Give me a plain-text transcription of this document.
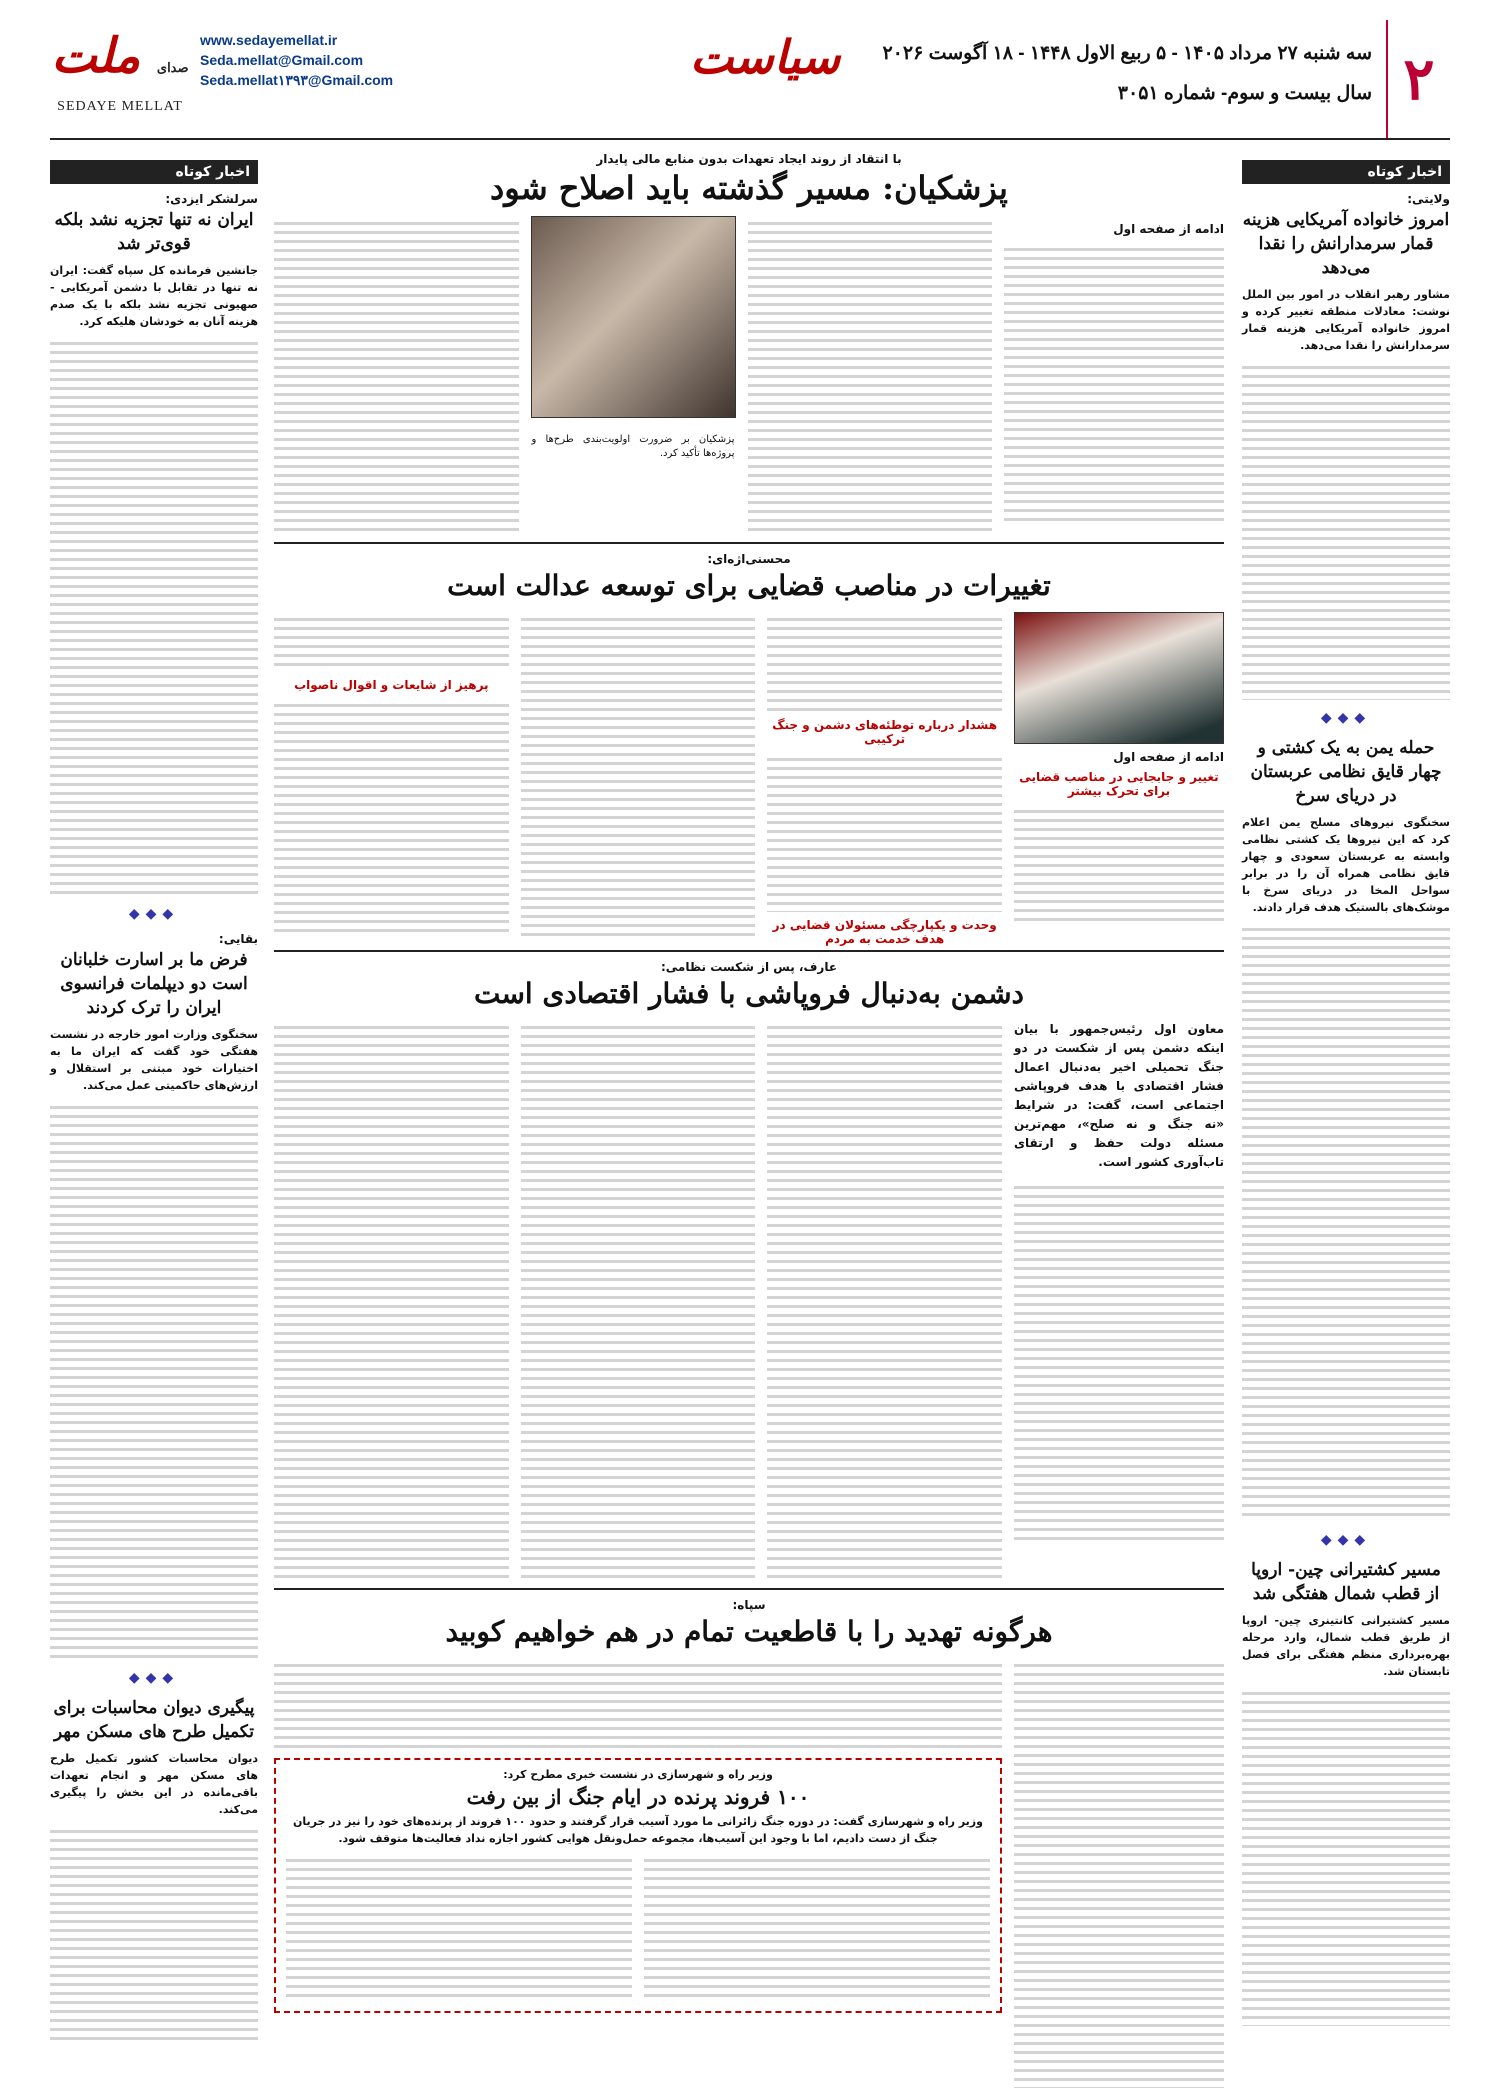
۲
سه شنبه ۲۷ مرداد ۱۴۰۵ - ۵ ربیع الاول ۱۴۴۸ - ۱۸ آگوست ۲۰۲۶
سال بیست و سوم- شماره ۳۰۵۱
سیاست
www.sedayemellat.ir
Seda.mellat@Gmail.com
Seda.mellat۱۳۹۳@Gmail.com
صدای ملت
SEDAYE MELLAT
اخبار کوتاه
ولایتی:
امروز خانواده آمریکایی هزینه قمار سرمدارانش را نقدا می‌دهد
مشاور رهبر انقلاب در امور بین الملل نوشت: معادلات منطقه تغییر کرده و امروز خانواده آمریکایی هزینه قمار سرمدارانش را نقدا می‌دهد.
◆◆◆
حمله یمن به یک کشتی و چهار قایق نظامی عربستان در دریای سرخ
سخنگوی نیروهای مسلح یمن اعلام کرد که این نیروها یک کشتی نظامی وابسته به عربستان سعودی و چهار قایق نظامی همراه آن را در برابر سواحل المخا در دریای سرخ با موشک‌های بالستیک هدف قرار دادند.
◆◆◆
مسیر کشتیرانی چین- اروپا از قطب شمال هفتگی شد
مسیر کشتیرانی کانتینری چین- اروپا از طریق قطب شمال، وارد مرحله بهره‌برداری منظم هفتگی برای فصل تابستان شد.
اخبار کوتاه
سرلشکر ایزدی:
ایران نه تنها تجزیه نشد بلکه قوی‌تر شد
جانشین فرمانده کل سپاه گفت: ایران نه تنها در تقابل با دشمن آمریکایی - صهیونی تجزیه نشد بلکه با یک صدم هزینه آنان به خودشان هلیکه کرد.
◆◆◆
بقایی:
فرض ما بر اسارت خلبانان است دو دیپلمات فرانسوی ایران را ترک کردند
سخنگوی وزارت امور خارجه در نشست هفتگی خود گفت که ایران ما به اختیارات خود مبتنی بر استقلال و ارزش‌های حاکمیتی عمل می‌کند.
◆◆◆
پیگیری دیوان محاسبات برای تکمیل طرح های مسکن مهر
دیوان محاسبات کشور تکمیل طرح های مسکن مهر و انجام تعهدات باقی‌مانده در این بخش را پیگیری می‌کند.

با انتقاد از روند ایجاد تعهدات بدون منابع مالی پایدار

پزشکیان: مسیر گذشته باید اصلاح شود
ادامه از صفحه اول
پزشکیان بر ضرورت اولویت‌بندی طرح‌ها و پروژه‌ها تأکید کرد.

محسنی‌اژه‌ای:

تغییرات در مناصب قضایی برای توسعه عدالت است
ادامه از صفحه اول
تغییر و جابجایی در مناصب قضایی برای تحرک بیشتر
هشدار درباره توطئه‌های دشمن و جنگ ترکیبی
وحدت و یکپارچگی مسئولان قضایی در هدف خدمت به مردم
پرهیز از شایعات و اقوال ناصواب

عارف، پس از شکست نظامی:

دشمن به‌دنبال فروپاشی با فشار اقتصادی است
معاون اول رئیس‌جمهور با بیان اینکه دشمن پس از شکست در دو جنگ تحمیلی اخیر به‌دنبال اعمال فشار اقتصادی با هدف فروپاشی اجتماعی است، گفت: در شرایط «نه جنگ و نه صلح»، مهم‌ترین مسئله دولت حفظ و ارتقای تاب‌آوری کشور است.

سپاه:

هرگونه تهدید را با قاطعیت تمام در هم خواهیم کوبید
وزیر راه و شهرسازی در نشست خبری مطرح کرد:
۱۰۰ فروند پرنده در ایام جنگ از بین رفت
وزیر راه و شهرسازی گفت: در دوره جنگ زائرانی ما مورد آسیب قرار گرفتند و حدود ۱۰۰ فروند از پرنده‌های خود را نیز در جریان جنگ از دست دادیم، اما با وجود این آسیب‌ها، مجموعه حمل‌ونقل هوایی کشور اجازه نداد فعالیت‌ها متوقف شود.
